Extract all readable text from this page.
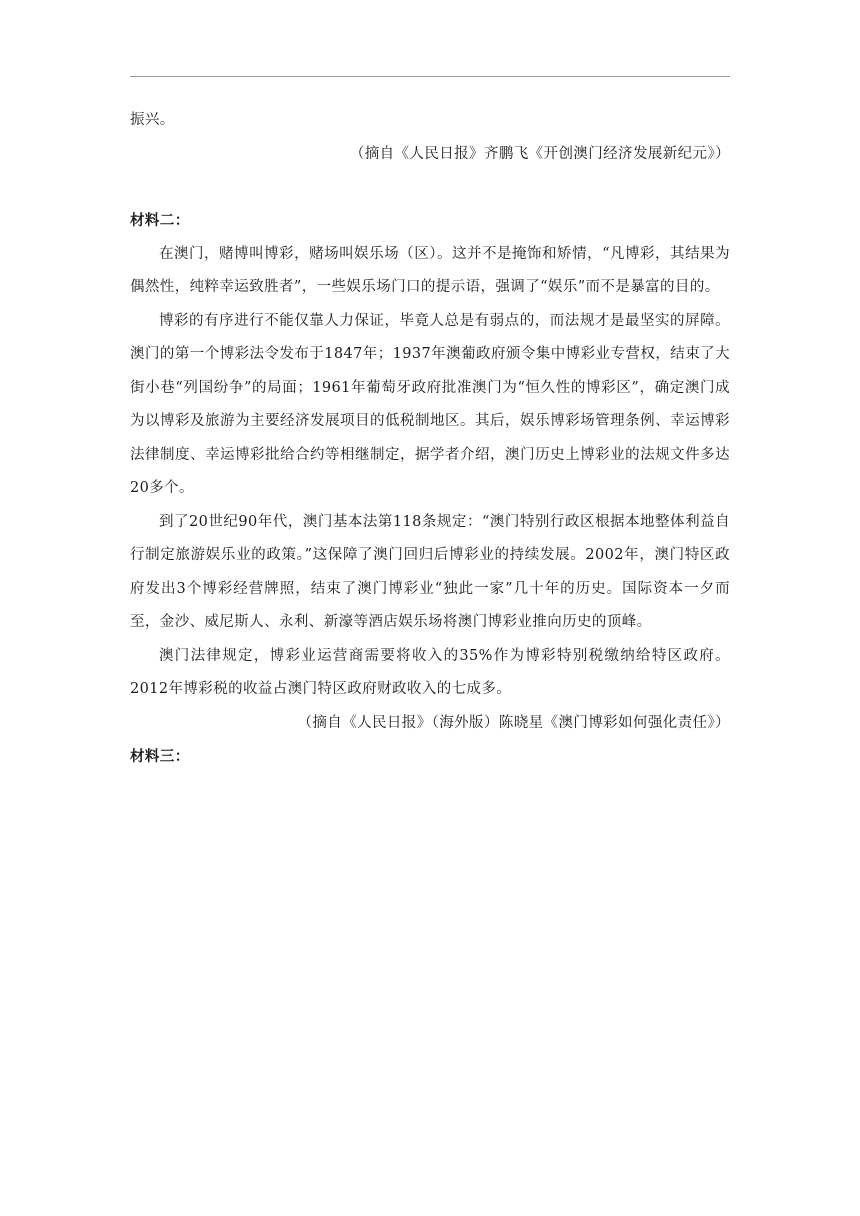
振兴。

（摘自《人民日报》齐鹏飞《开创澳门经济发展新纪元》）

材料二：

在澳门，赌博叫博彩，赌场叫娱乐场（区）。这并不是掩饰和矫情，“凡博彩，其结果为偶然性，纯粹幸运致胜者”，一些娱乐场门口的提示语，强调了“娱乐”而不是暴富的目的。

博彩的有序进行不能仅靠人力保证，毕竟人总是有弱点的，而法规才是最坚实的屏障。澳门的第一个博彩法令发布于1847年；1937年澳葡政府颁令集中博彩业专营权，结束了大街小巷“列国纷争”的局面；1961年葡萄牙政府批准澳门为“恒久性的博彩区”，确定澳门成为以博彩及旅游为主要经济发展项目的低税制地区。其后，娱乐博彩场管理条例、幸运博彩法律制度、幸运博彩批给合约等相继制定，据学者介绍，澳门历史上博彩业的法规文件多达20多个。

到了20世纪90年代，澳门基本法第118条规定：“澳门特别行政区根据本地整体利益自行制定旅游娱乐业的政策。”这保障了澳门回归后博彩业的持续发展。2002年，澳门特区政府发出3个博彩经营牌照，结束了澳门博彩业“独此一家”几十年的历史。国际资本一夕而至，金沙、威尼斯人、永利、新濠等酒店娱乐场将澳门博彩业推向历史的顶峰。

澳门法律规定，博彩业运营商需要将收入的35%作为博彩特别税缴纳给特区政府。2012年博彩税的收益占澳门特区政府财政收入的七成多。

（摘自《人民日报》（海外版）陈晓星《澳门博彩如何强化责任》）

材料三：
